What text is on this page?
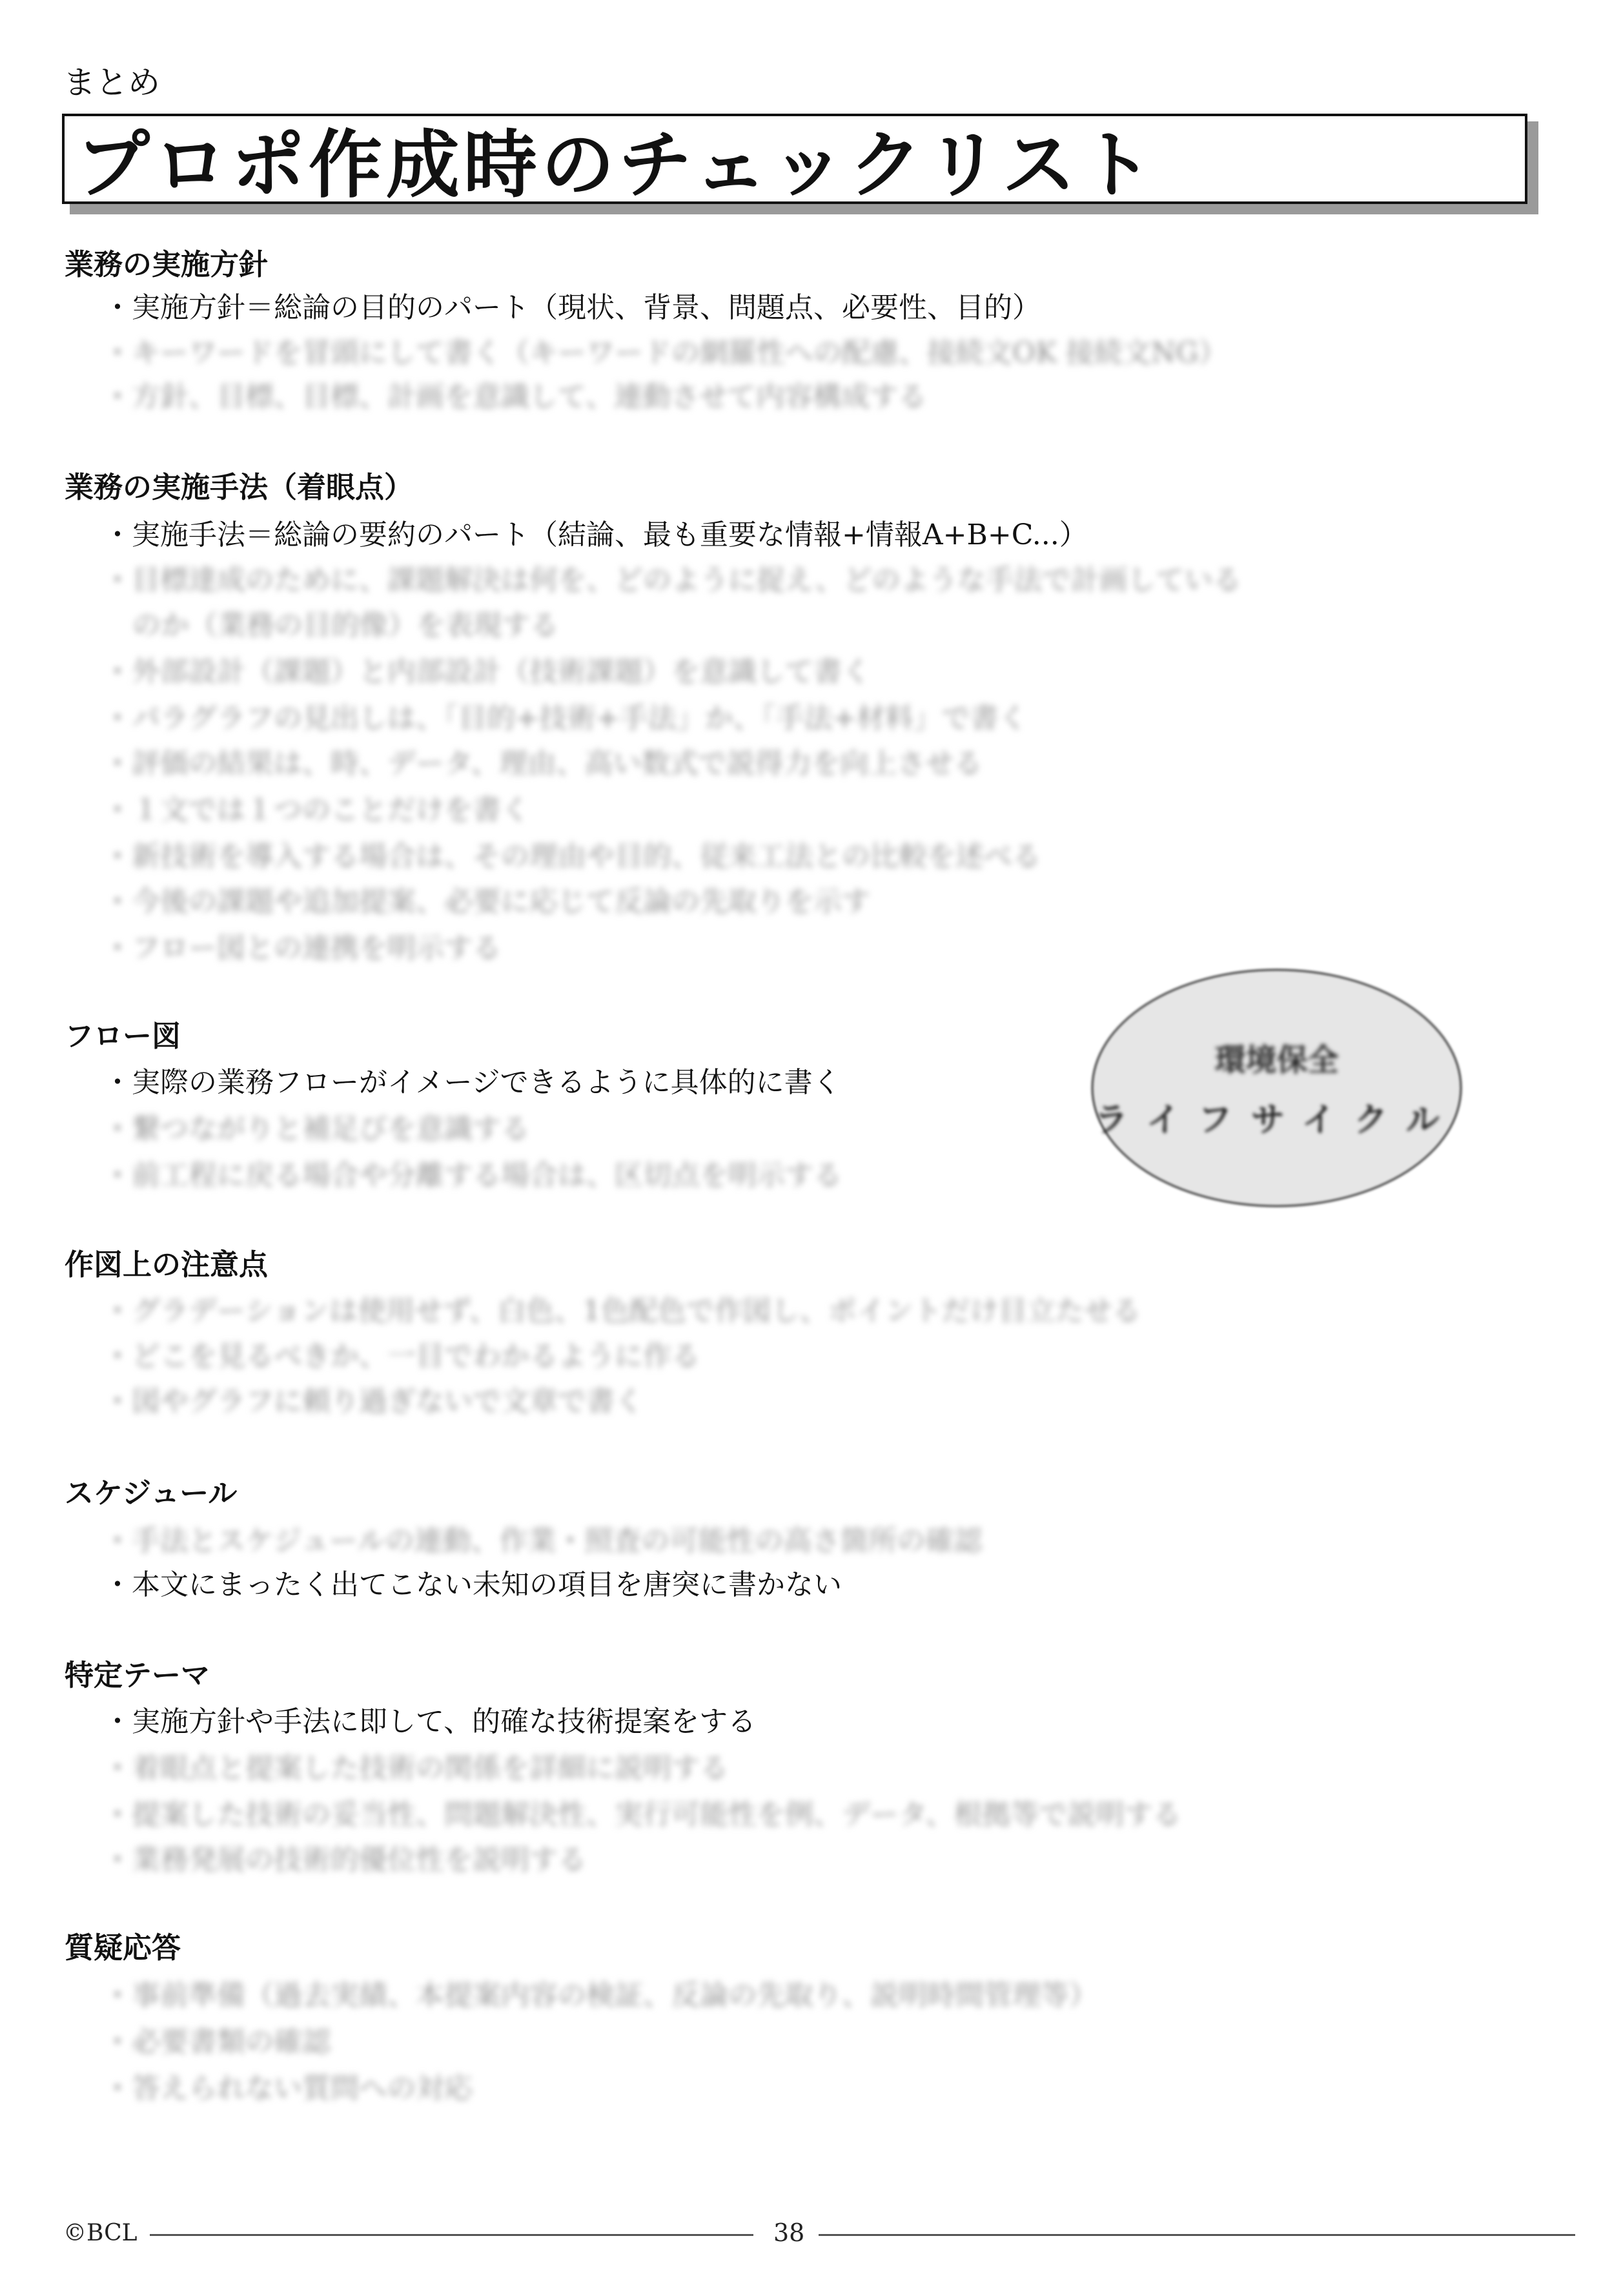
まとめ
プロポ作成時のチェックリスト
業務の実施方針
・実施方針＝総論の目的のパート（現状、背景、問題点、必要性、目的）
・キーワードを冒頭にして書く（キーワードの網羅性への配慮、接続文OK 接続文NG）
・方針、目標、目標、計画を意識して、連動させて内容構成する
業務の実施手法（着眼点）
・実施手法＝総論の要約のパート（結論、最も重要な情報+情報A+B+C...）
・目標達成のために、課題解決は何を、どのように捉え、どのような手法で計画している
のか（業務の目的像）を表現する
・外部設計（課題）と内部設計（技術課題）を意識して書く
・パラグラフの見出しは、「目的+技術+手法」か、「手法+材料」で書く
・評価の結果は、時、データ、理由、高い数式で説得力を向上させる
・１文では１つのことだけを書く
・新技術を導入する場合は、その理由や目的、従来工法との比較を述べる
・今後の課題や追加提案、必要に応じて反論の先取りを示す
・フロー図との連携を明示する
フロー図
・実際の業務フローがイメージできるように具体的に書く
・繋つながりと補足びを意識する
・前工程に戻る場合や分離する場合は、区切点を明示する
環境保全
ライフサイクル
作図上の注意点
・グラデーションは使用せず、白色、1色配色で作図し、ポイントだけ目立たせる
・どこを見るべきか、一目でわかるように作る
・図やグラフに頼り過ぎないで文章で書く
スケジュール
・手法とスケジュールの連動、作業・照査の可能性の高さ箇所の確認
・本文にまったく出てこない未知の項目を唐突に書かない
特定テーマ
・実施方針や手法に即して、的確な技術提案をする
・着眼点と提案した技術の関係を詳細に説明する
・提案した技術の妥当性、問題解決性、実行可能性を例、データ、根拠等で説明する
・業務発展の技術的優位性を説明する
質疑応答
・事前準備（過去実績、本提案内容の検証、反論の先取り、説明時間管理等）
・必要書類の確認
・答えられない質問への対応
©BCL	38
